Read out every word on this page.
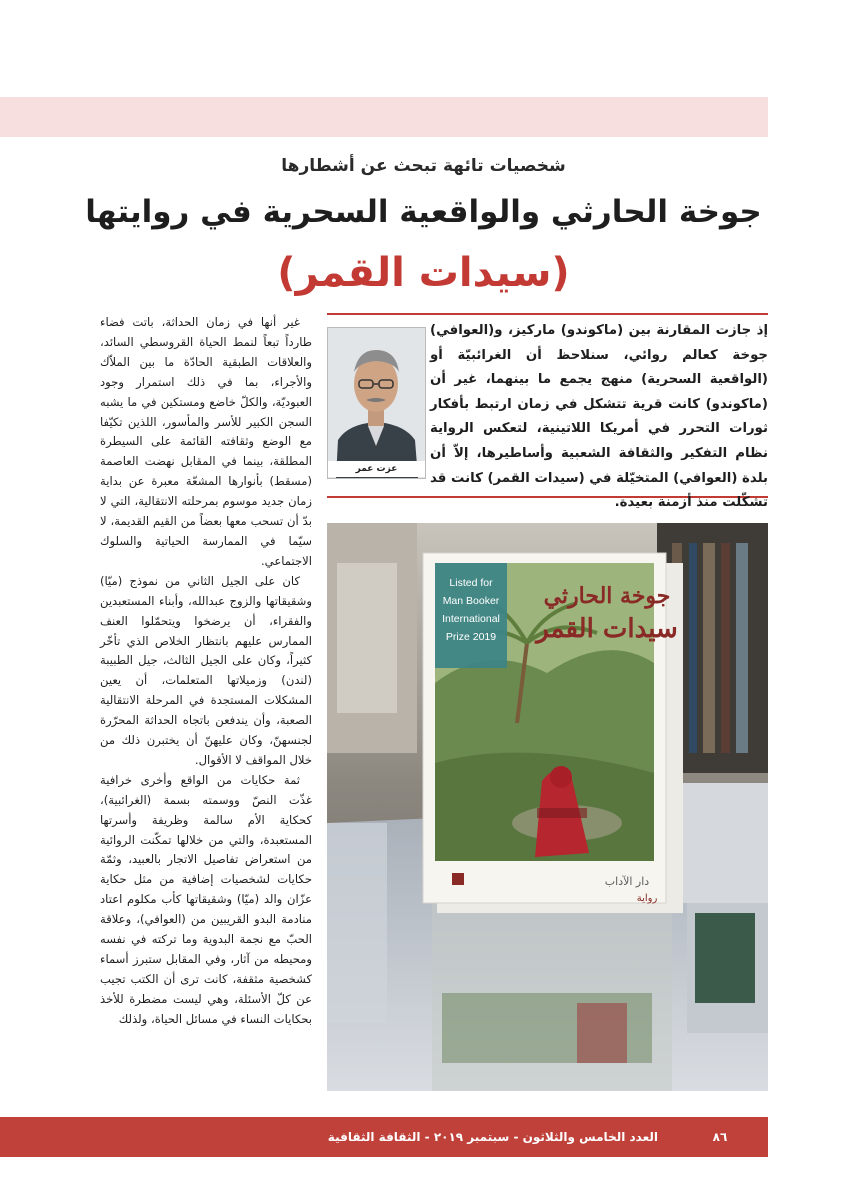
شخصيات تائهة تبحث عن أشطارها
جوخة الحارثي والواقعية السحرية في روايتها
(سيدات القمر)
إذ جازت المقارنة بين (ماكوندو) ماركيز، و(العوافي) جوخة كعالم روائي، سنلاحظ أن الغرائبيّة أو (الواقعية السحرية) منهج يجمع ما بينهما، غير أن (ماكوندو) كانت قرية تتشكل في زمان ارتبط بأفكار ثورات التحرر في أمريكا اللاتينية، لتعكس الرواية نظام التفكير والثقافة الشعبية وأساطيرها، إلاّ أن بلدة (العوافي) المتخيّلة في (سيدات القمر) كانت قد تشكّلت منذ أزمنة بعيدة.
عزت عمر

غير أنها في زمان الحداثة، باتت فضاء طارداً تبعاً لنمط الحياة القروسطي السائد، والعلاقات الطبقية الحادّة ما بين الملاّك والأجراء، بما في ذلك استمرار وجود العبوديّة، والكلّ خاضع ومستكين في ما يشبه السجن الكبير للأسر والمأسور، اللذين تكيّفا مع الوضع وثقافته القائمة على السيطرة المطلقة، بينما في المقابل نهضت العاصمة (مسقط) بأنوارها المشعّة معبرة عن بداية زمان جديد موسوم بمرحلته الانتقالية، التي لا بدّ أن تسحب معها بعضاً من القيم القديمة، لا سيّما في الممارسة الحياتية والسلوك الاجتماعي.

كان على الجيل الثاني من نموذج (ميّا) وشقيقاتها والزوج عبدالله، وأبناء المستعبدين والفقراء، أن يرضخوا ويتحمّلوا العنف الممارس عليهم بانتظار الخلاص الذي تأخّر كثيراً، وكان على الجيل الثالث، جيل الطبيبة (لندن) وزميلاتها المتعلمات، أن يعين المشكلات المستجدة في المرحلة الانتقالية الصعبة، وأن يندفعن باتجاه الحداثة المحرّرة لجنسهنّ، وكان عليهنّ أن يختبرن ذلك من خلال المواقف لا الأقوال.

ثمة حكايات من الواقع وأخرى خرافية غذّت النصّ ووسمته بسمة (الغرائبية)، كحكاية الأم سالمة وظريفة وأسرتها المستعبدة، والتي من خلالها تمكّنت الروائية من استعراض تفاصيل الاتجار بالعبيد، وثمّة حكايات لشخصيات إضافية من مثل حكاية عزّان والد (ميّا) وشقيقاتها كأب مكلوم اعتاد منادمة البدو القريبين من (العوافي)، وعلاقة الحبّ مع نجمة البدوية وما تركته في نفسه ومحيطه من آثار، وفي المقابل ستبرز أسماء كشخصية مثقفة، كانت ترى أن الكتب تجيب عن كلّ الأسئلة، وهي ليست مضطرة للأخذ بحكايات النساء في مسائل الحياة، ولذلك

Listed for
Man Booker
International
Prize 2019
جوخة الحارثي
سيدات القمر
دار الآداب
رواية
٨٦
العدد الخامس والثلاثون - سبتمبر ٢٠١٩ - الثقافة الثقافية
